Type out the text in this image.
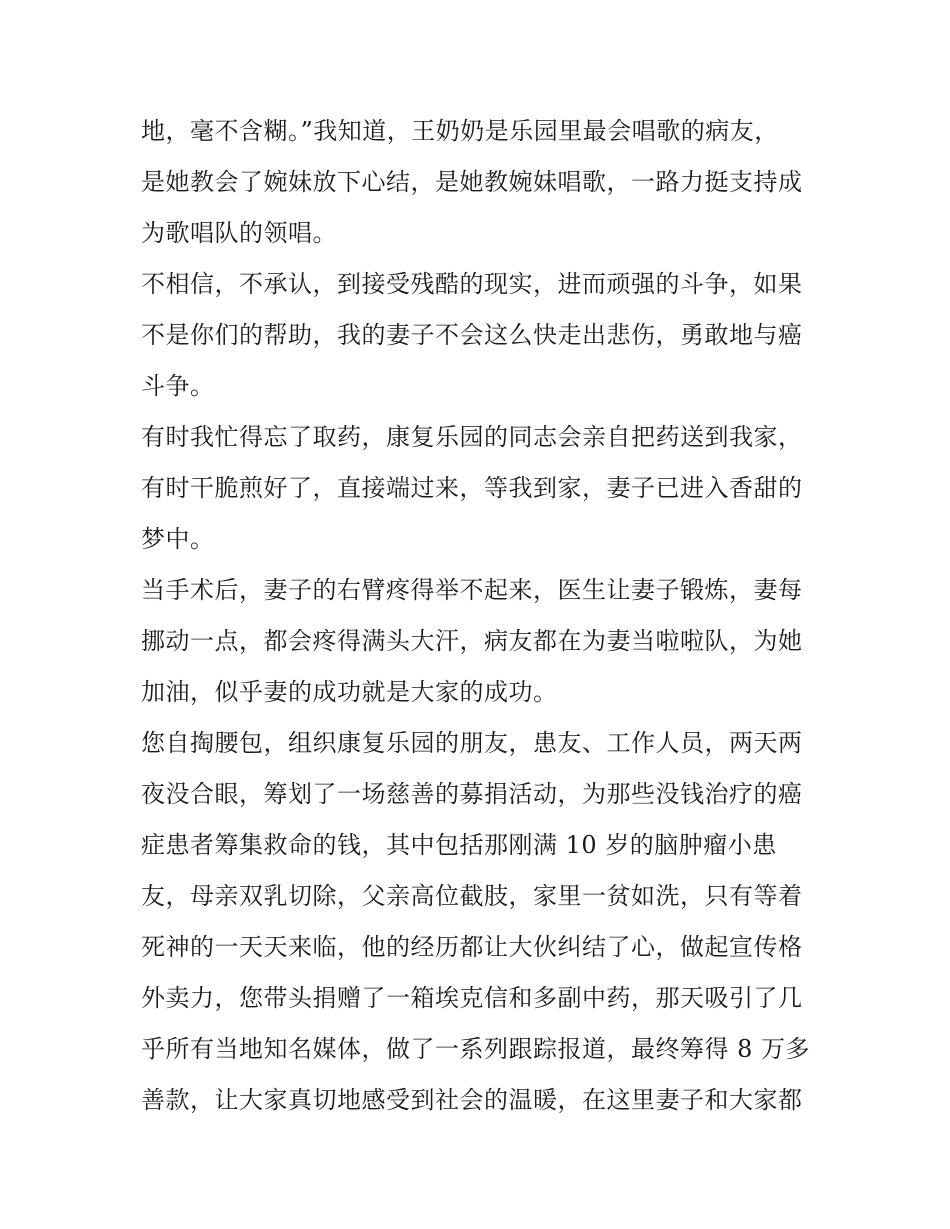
地，毫不含糊。”我知道，王奶奶是乐园里最会唱歌的病友，
是她教会了婉妹放下心结，是她教婉妹唱歌，一路力挺支持成
为歌唱队的领唱。
不相信，不承认，到接受残酷的现实，进而顽强的斗争，如果
不是你们的帮助，我的妻子不会这么快走出悲伤，勇敢地与癌
斗争。
有时我忙得忘了取药，康复乐园的同志会亲自把药送到我家，
有时干脆煎好了，直接端过来，等我到家，妻子已进入香甜的
梦中。
当手术后，妻子的右臂疼得举不起来，医生让妻子锻炼，妻每
挪动一点，都会疼得满头大汗，病友都在为妻当啦啦队，为她
加油，似乎妻的成功就是大家的成功。
您自掏腰包，组织康复乐园的朋友，患友、工作人员，两天两
夜没合眼，筹划了一场慈善的募捐活动，为那些没钱治疗的癌
症患者筹集救命的钱，其中包括那刚满 10 岁的脑肿瘤小患
友，母亲双乳切除，父亲高位截肢，家里一贫如洗，只有等着
死神的一天天来临，他的经历都让大伙纠结了心，做起宣传格
外卖力，您带头捐赠了一箱埃克信和多副中药，那天吸引了几
乎所有当地知名媒体，做了一系列跟踪报道，最终筹得 8 万多
善款，让大家真切地感受到社会的温暖，在这里妻子和大家都
